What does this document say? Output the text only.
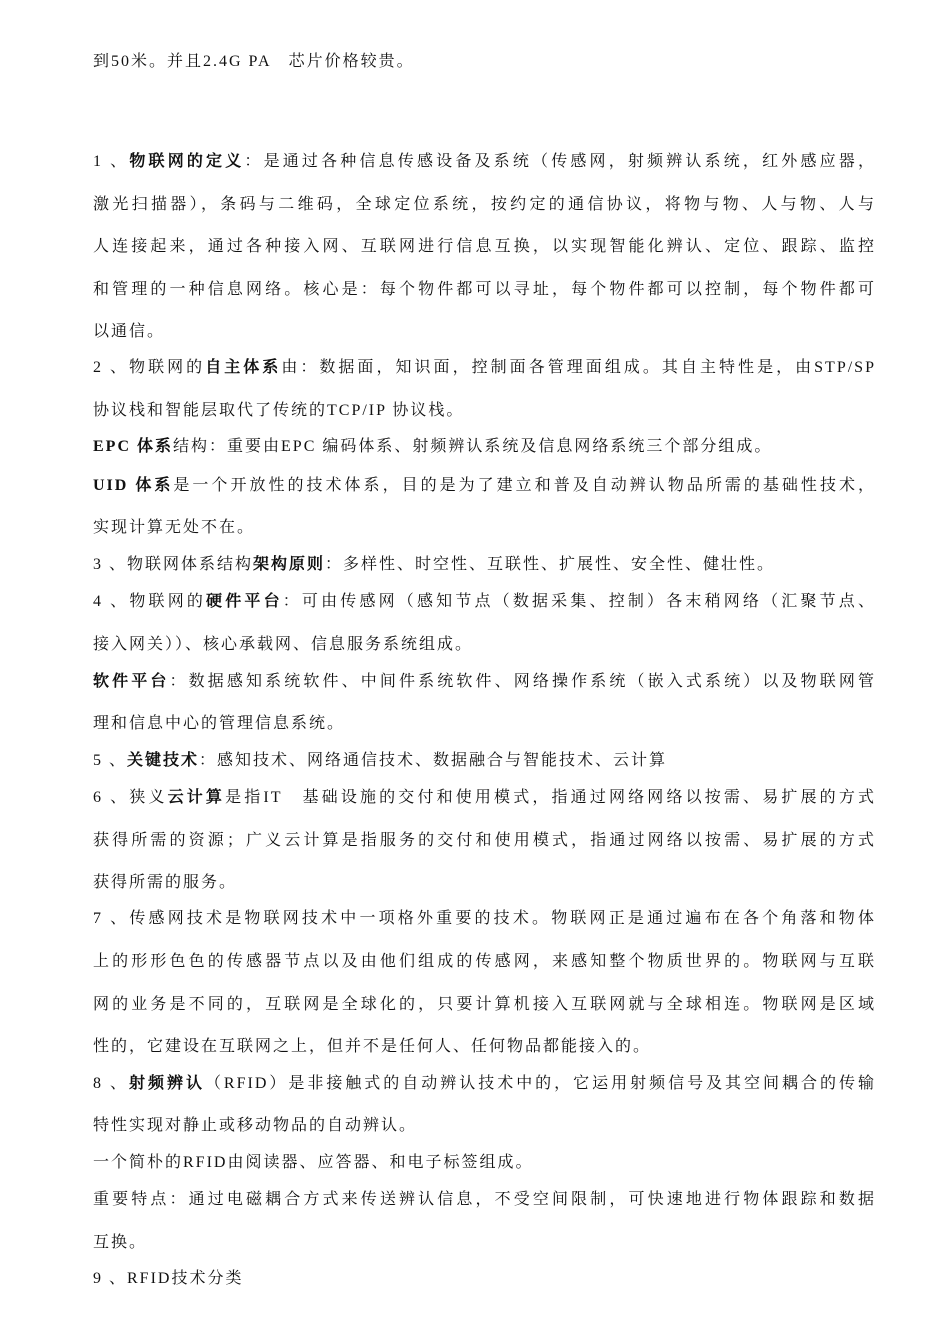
到50米。并且2.4G PA　芯片价格较贵。
1 、物联网的定义：是通过各种信息传感设备及系统（传感网，射频辨认系统，红外感应器，
激光扫描器），条码与二维码，全球定位系统，按约定的通信协议，将物与物、人与物、人与
人连接起来，通过各种接入网、互联网进行信息互换，以实现智能化辨认、定位、跟踪、监控
和管理的一种信息网络。核心是：每个物件都可以寻址，每个物件都可以控制，每个物件都可
以通信。
2 、物联网的自主体系由：数据面，知识面，控制面各管理面组成。其自主特性是，由STP/SP
协议栈和智能层取代了传统的TCP/IP 协议栈。
EPC 体系结构：重要由EPC 编码体系、射频辨认系统及信息网络系统三个部分组成。
UID 体系是一个开放性的技术体系，目的是为了建立和普及自动辨认物品所需的基础性技术，
实现计算无处不在。
3 、物联网体系结构架构原则：多样性、时空性、互联性、扩展性、安全性、健壮性。
4 、物联网的硬件平台：可由传感网（感知节点（数据采集、控制）各末稍网络（汇聚节点、
接入网关））、核心承载网、信息服务系统组成。
软件平台：数据感知系统软件、中间件系统软件、网络操作系统（嵌入式系统）以及物联网管
理和信息中心的管理信息系统。
5 、关键技术：感知技术、网络通信技术、数据融合与智能技术、云计算
6 、狭义云计算是指IT　基础设施的交付和使用模式，指通过网络网络以按需、易扩展的方式
获得所需的资源；广义云计算是指服务的交付和使用模式，指通过网络以按需、易扩展的方式
获得所需的服务。
7 、传感网技术是物联网技术中一项格外重要的技术。物联网正是通过遍布在各个角落和物体
上的形形色色的传感器节点以及由他们组成的传感网，来感知整个物质世界的。物联网与互联
网的业务是不同的，互联网是全球化的，只要计算机接入互联网就与全球相连。物联网是区域
性的，它建设在互联网之上，但并不是任何人、任何物品都能接入的。
8 、射频辨认（RFID）是非接触式的自动辨认技术中的，它运用射频信号及其空间耦合的传输
特性实现对静止或移动物品的自动辨认。
一个简朴的RFID由阅读器、应答器、和电子标签组成。
重要特点：通过电磁耦合方式来传送辨认信息，不受空间限制，可快速地进行物体跟踪和数据
互换。
9 、RFID技术分类
